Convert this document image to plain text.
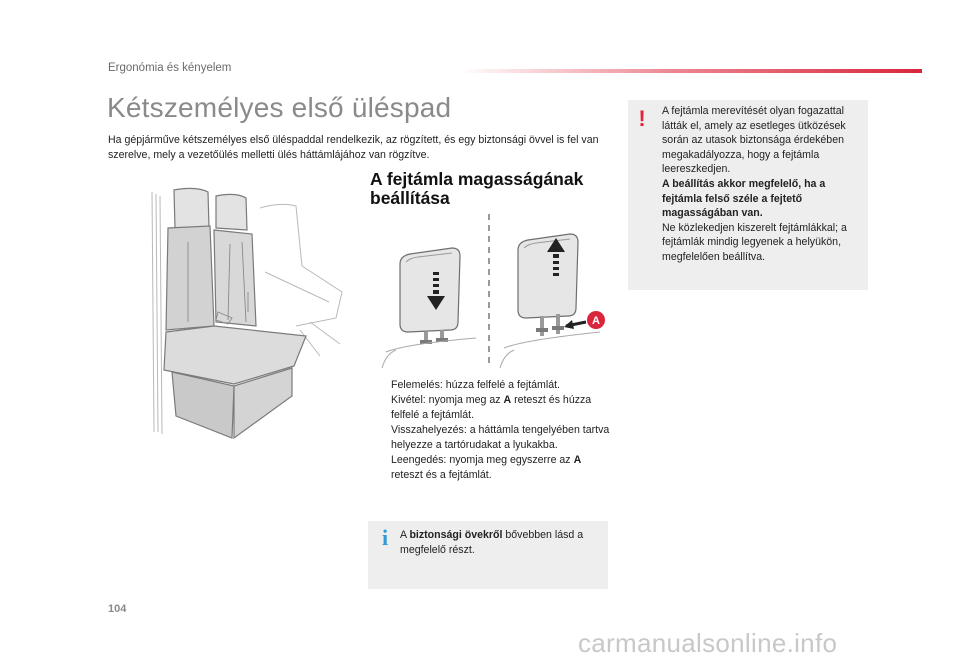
Ergonómia és kényelem
Kétszemélyes első üléspad

Ha gépjárműve kétszemélyes első üléspaddal rendelkezik, az rögzített, és egy biztonsági övvel is fel van szerelve, mely a vezetőülés melletti ülés háttámlájához van rögzítve.

A fejtámla magasságának beállítása
A
Felemelés: húzza felfelé a fejtámlát.
Kivétel: nyomja meg az A reteszt és húzza felfelé a fejtámlát.
Visszahelyezés: a háttámla tengelyében tartva helyezze a tartórudakat a lyukakba.
Leengedés: nyomja meg egyszerre az A reteszt és a fejtámlát.
i	A biztonsági övekről bővebben lásd a megfelelő részt.
! A fejtámla merevítését olyan fogazattal látták el, amely az esetleges ütközések során az utasok biztonsága érdekében megakadályozza, hogy a fejtámla leereszkedjen.
A beállítás akkor megfelelő, ha a fejtámla felső széle a fejtető magasságában van.
Ne közlekedjen kiszerelt fejtámlákkal; a fejtámlák mindig legyenek a helyükön, megfelelően beállítva.
104
carmanualsonline.info
